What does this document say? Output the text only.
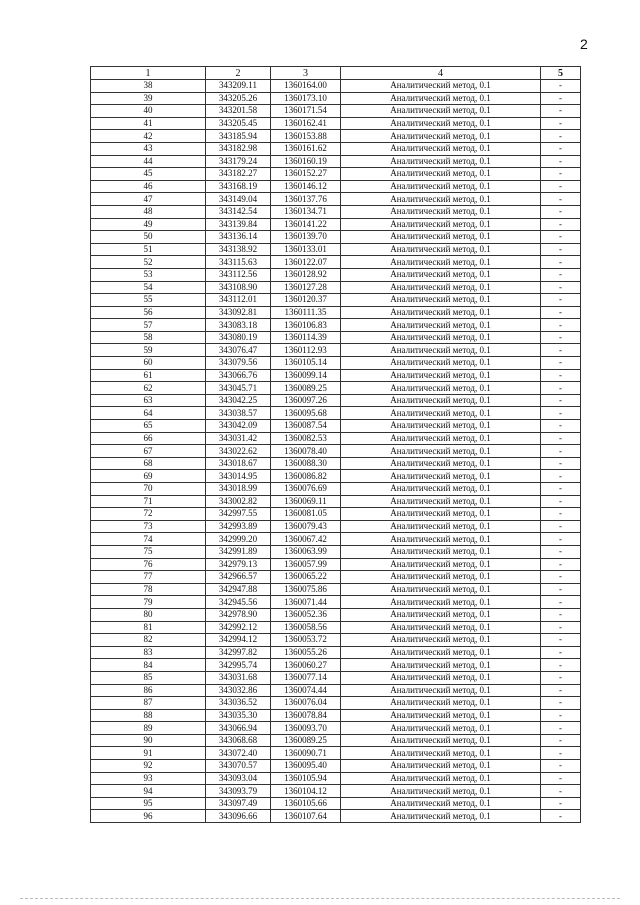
2
1	2	3	4	5
38	343209.11	1360164.00	Аналитический метод, 0.1	-
39	343205.26	1360173.10	Аналитический метод, 0.1	-
40	343201.58	1360171.54	Аналитический метод, 0.1	-
41	343205.45	1360162.41	Аналитический метод, 0.1	-
42	343185.94	1360153.88	Аналитический метод, 0.1	-
43	343182.98	1360161.62	Аналитический метод, 0.1	-
44	343179.24	1360160.19	Аналитический метод, 0.1	-
45	343182.27	1360152.27	Аналитический метод, 0.1	-
46	343168.19	1360146.12	Аналитический метод, 0.1	-
47	343149.04	1360137.76	Аналитический метод, 0.1	-
48	343142.54	1360134.71	Аналитический метод, 0.1	-
49	343139.84	1360141.22	Аналитический метод, 0.1	-
50	343136.14	1360139.70	Аналитический метод, 0.1	-
51	343138.92	1360133.01	Аналитический метод, 0.1	-
52	343115.63	1360122.07	Аналитический метод, 0.1	-
53	343112.56	1360128.92	Аналитический метод, 0.1	-
54	343108.90	1360127.28	Аналитический метод, 0.1	-
55	343112.01	1360120.37	Аналитический метод, 0.1	-
56	343092.81	1360111.35	Аналитический метод, 0.1	-
57	343083.18	1360106.83	Аналитический метод, 0.1	-
58	343080.19	1360114.39	Аналитический метод, 0.1	-
59	343076.47	1360112.93	Аналитический метод, 0.1	-
60	343079.56	1360105.14	Аналитический метод, 0.1	-
61	343066.76	1360099.14	Аналитический метод, 0.1	-
62	343045.71	1360089.25	Аналитический метод, 0.1	-
63	343042.25	1360097.26	Аналитический метод, 0.1	-
64	343038.57	1360095.68	Аналитический метод, 0.1	-
65	343042.09	1360087.54	Аналитический метод, 0.1	-
66	343031.42	1360082.53	Аналитический метод, 0.1	-
67	343022.62	1360078.40	Аналитический метод, 0.1	-
68	343018.67	1360088.30	Аналитический метод, 0.1	-
69	343014.95	1360086.82	Аналитический метод, 0.1	-
70	343018.99	1360076.69	Аналитический метод, 0.1	-
71	343002.82	1360069.11	Аналитический метод, 0.1	-
72	342997.55	1360081.05	Аналитический метод, 0.1	-
73	342993.89	1360079.43	Аналитический метод, 0.1	-
74	342999.20	1360067.42	Аналитический метод, 0.1	-
75	342991.89	1360063.99	Аналитический метод, 0.1	-
76	342979.13	1360057.99	Аналитический метод, 0.1	-
77	342966.57	1360065.22	Аналитический метод, 0.1	-
78	342947.88	1360075.86	Аналитический метод, 0.1	-
79	342945.56	1360071.44	Аналитический метод, 0.1	-
80	342978.90	1360052.36	Аналитический метод, 0.1	-
81	342992.12	1360058.56	Аналитический метод, 0.1	-
82	342994.12	1360053.72	Аналитический метод, 0.1	-
83	342997.82	1360055.26	Аналитический метод, 0.1	-
84	342995.74	1360060.27	Аналитический метод, 0.1	-
85	343031.68	1360077.14	Аналитический метод, 0.1	-
86	343032.86	1360074.44	Аналитический метод, 0.1	-
87	343036.52	1360076.04	Аналитический метод, 0.1	-
88	343035.30	1360078.84	Аналитический метод, 0.1	-
89	343066.94	1360093.70	Аналитический метод, 0.1	-
90	343068.68	1360089.25	Аналитический метод, 0.1	-
91	343072.40	1360090.71	Аналитический метод, 0.1	-
92	343070.57	1360095.40	Аналитический метод, 0.1	-
93	343093.04	1360105.94	Аналитический метод, 0.1	-
94	343093.79	1360104.12	Аналитический метод, 0.1	-
95	343097.49	1360105.66	Аналитический метод, 0.1	-
96	343096.66	1360107.64	Аналитический метод, 0.1	-
